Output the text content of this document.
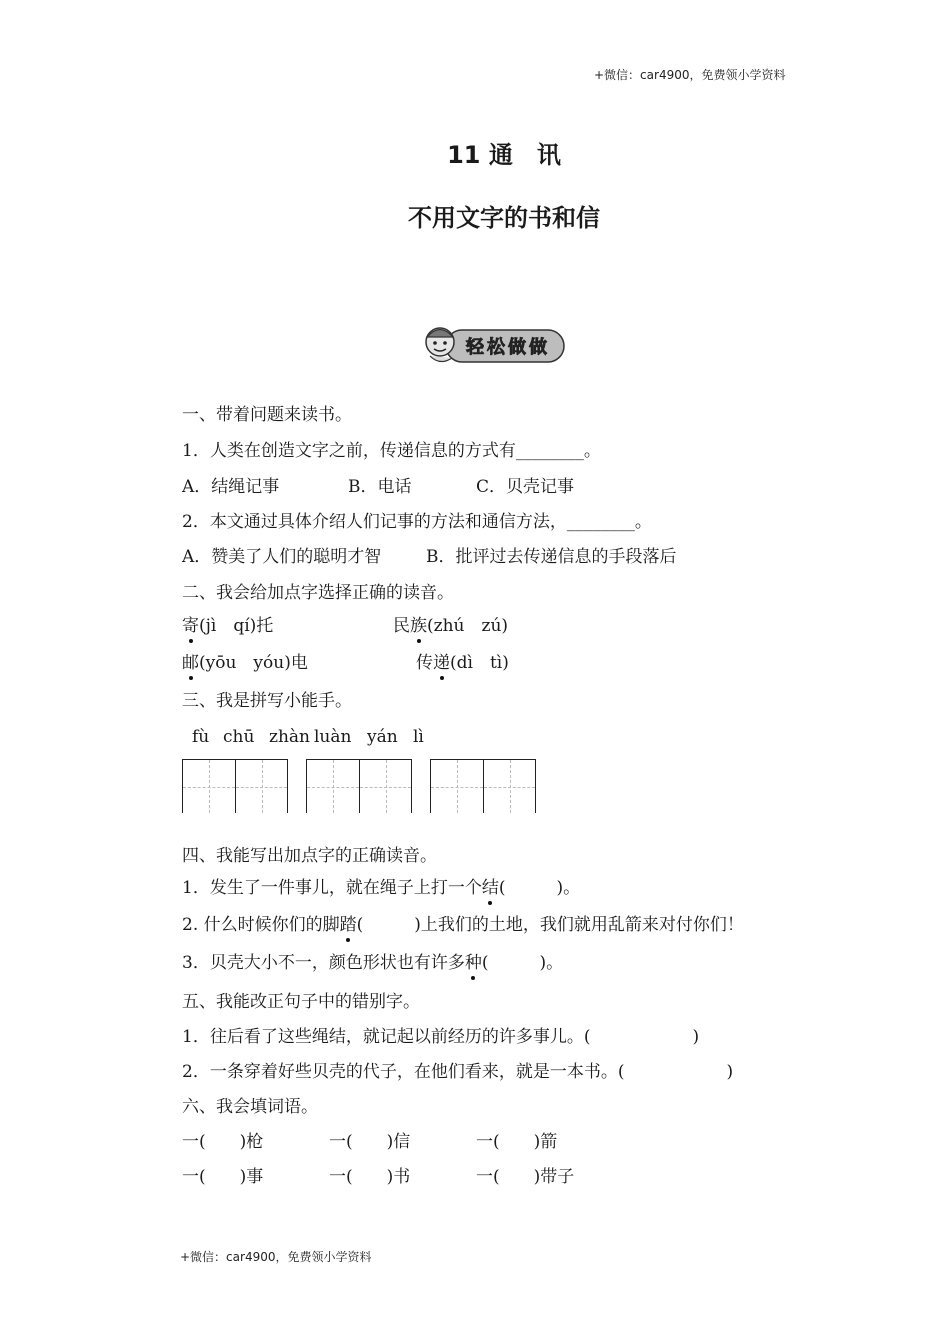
+微信：car4900，免费领小学资料
11 通　讯
不用文字的书和信
轻松做做
一、带着问题来读书。
1．人类在创造文字之前，传递信息的方式有________。
A．结绳记事	B．电话	C．贝壳记事
2．本文通过具体介绍人们记事的方法和通信方法，________。
A．赞美了人们的聪明才智	B．批评过去传递信息的手段落后
二、我会给加点字选择正确的读音。
寄(jì　qí)托	民族(zhú　zú)
邮(yōu　yóu)电	传递(dì　tì)
三、我是拼写小能手。
fù chū zhàn luàn yán lì
四、我能写出加点字的正确读音。
1．发生了一件事儿，就在绳子上打一个结(　　　)。
2. 什么时候你们的脚踏(　　　)上我们的土地，我们就用乱箭来对付你们！
3．贝壳大小不一，颜色形状也有许多种(　　　)。
五、我能改正句子中的错别字。
1．往后看了这些绳结，就记起以前经历的许多事儿。(　　　　　　)
2．一条穿着好些贝壳的代子，在他们看来，就是一本书。(　　　　　　)
六、我会填词语。
一(　　)枪	一(　　)信	一(　　)箭
一(　　)事	一(　　)书	一(　　)带子
+微信：car4900，免费领小学资料
